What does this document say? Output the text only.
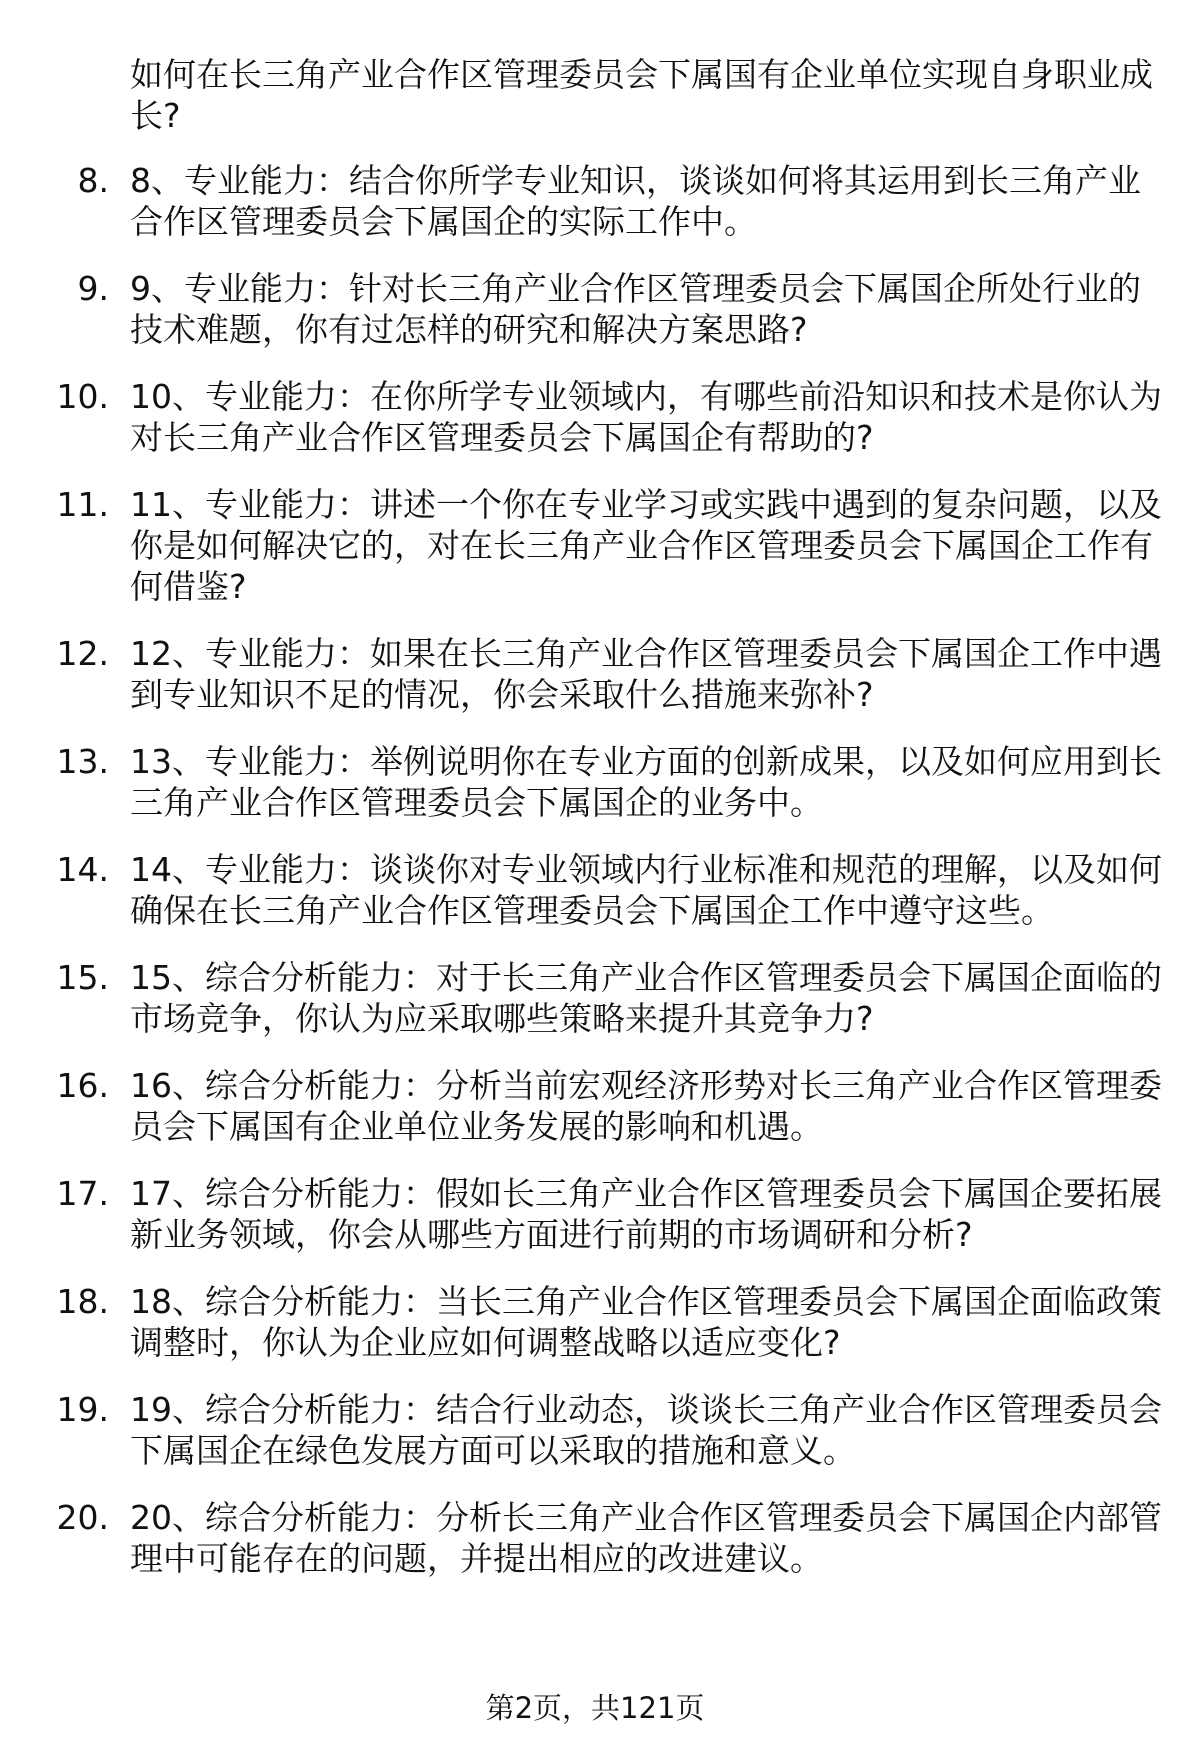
如何在长三角产业合作区管理委员会下属国有企业单位实现自身职业成长?

8. 8、专业能力：结合你所学专业知识，谈谈如何将其运用到长三角产业合作区管理委员会下属国企的实际工作中。
9. 9、专业能力：针对长三角产业合作区管理委员会下属国企所处行业的技术难题，你有过怎样的研究和解决方案思路?
10. 10、专业能力：在你所学专业领域内，有哪些前沿知识和技术是你认为对长三角产业合作区管理委员会下属国企有帮助的?
11. 11、专业能力：讲述一个你在专业学习或实践中遇到的复杂问题，以及你是如何解决它的，对在长三角产业合作区管理委员会下属国企工作有何借鉴?
12. 12、专业能力：如果在长三角产业合作区管理委员会下属国企工作中遇到专业知识不足的情况，你会采取什么措施来弥补?
13. 13、专业能力：举例说明你在专业方面的创新成果，以及如何应用到长三角产业合作区管理委员会下属国企的业务中。
14. 14、专业能力：谈谈你对专业领域内行业标准和规范的理解，以及如何确保在长三角产业合作区管理委员会下属国企工作中遵守这些。
15. 15、综合分析能力：对于长三角产业合作区管理委员会下属国企面临的市场竞争，你认为应采取哪些策略来提升其竞争力?
16. 16、综合分析能力：分析当前宏观经济形势对长三角产业合作区管理委员会下属国有企业单位业务发展的影响和机遇。
17. 17、综合分析能力：假如长三角产业合作区管理委员会下属国企要拓展新业务领域，你会从哪些方面进行前期的市场调研和分析?
18. 18、综合分析能力：当长三角产业合作区管理委员会下属国企面临政策调整时，你认为企业应如何调整战略以适应变化?
19. 19、综合分析能力：结合行业动态，谈谈长三角产业合作区管理委员会下属国企在绿色发展方面可以采取的措施和意义。
20. 20、综合分析能力：分析长三角产业合作区管理委员会下属国企内部管理中可能存在的问题，并提出相应的改进建议。

第2页，共121页
